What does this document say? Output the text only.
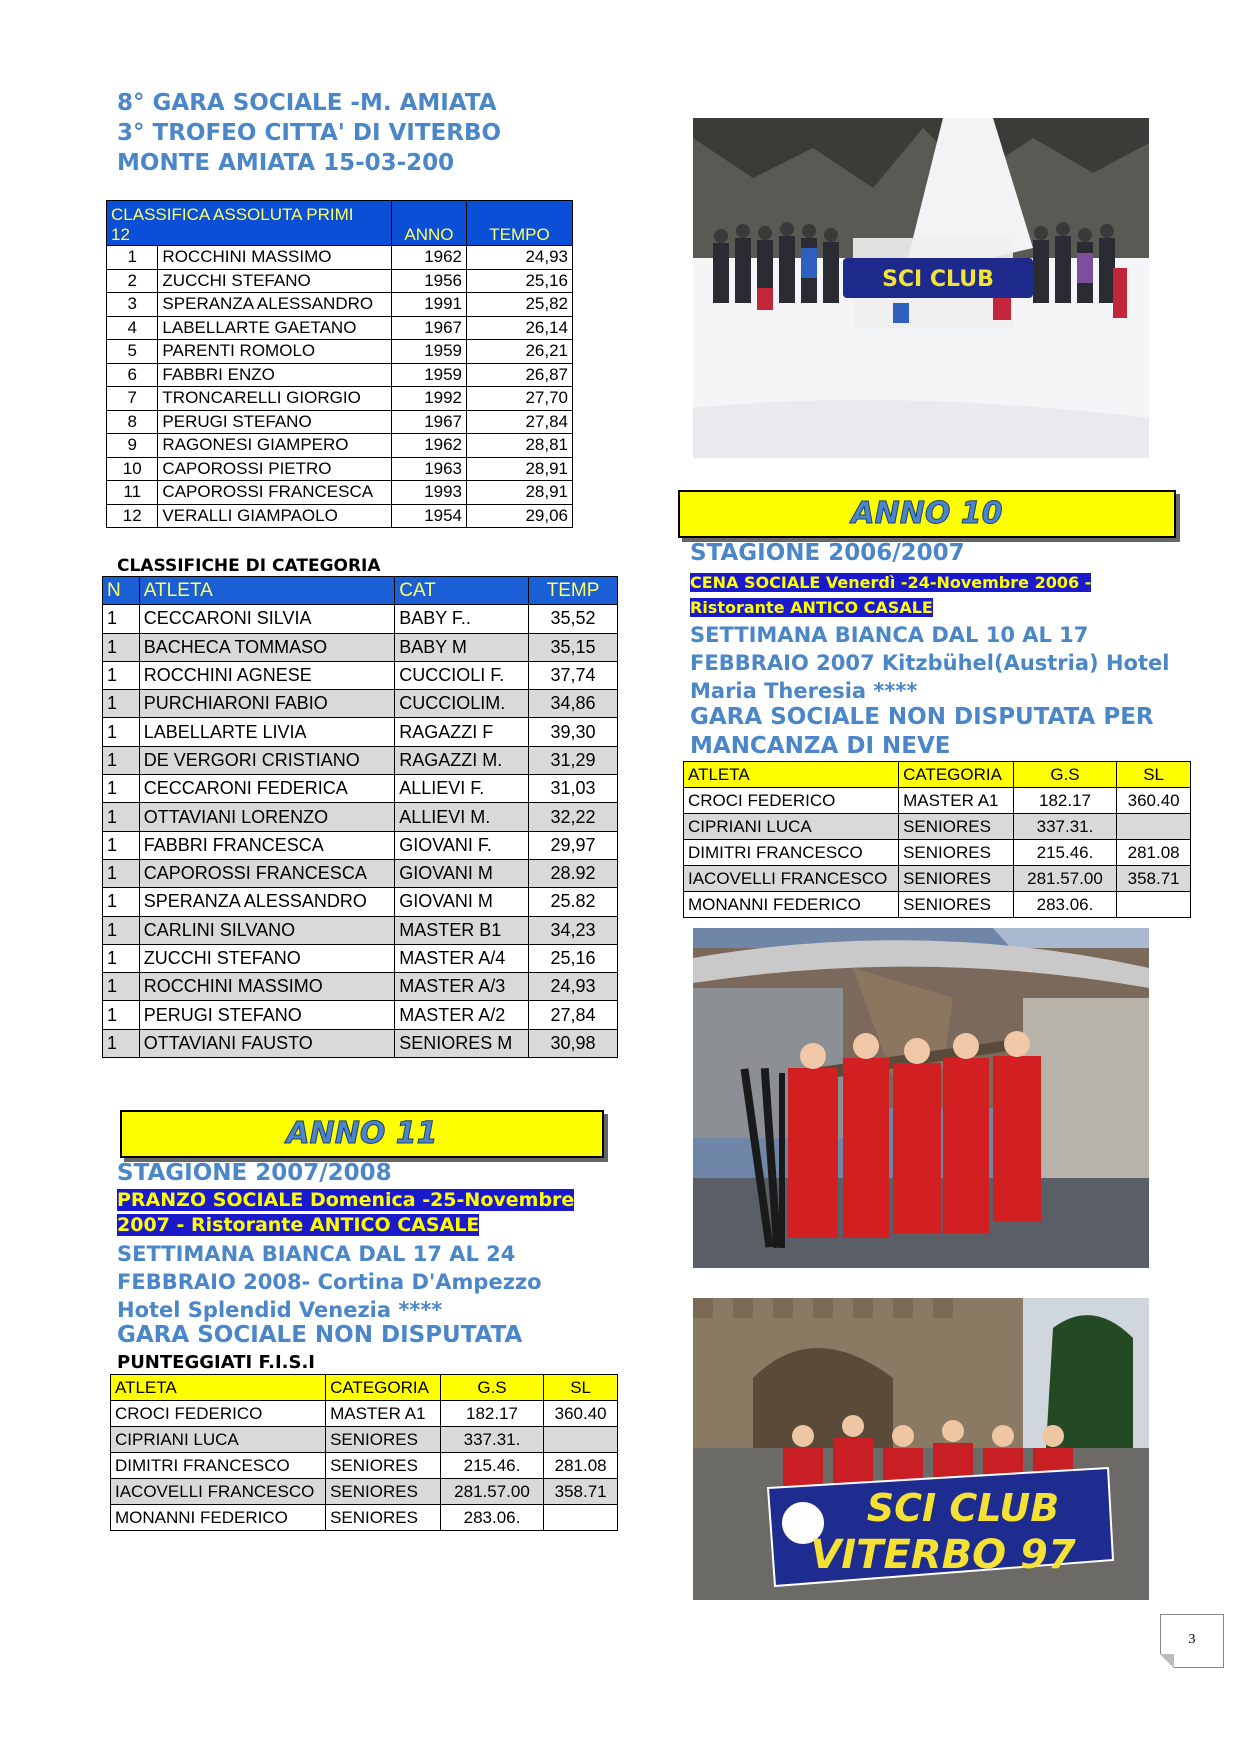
8° GARA SOCIALE -M. AMIATA
3° TROFEO CITTA' DI VITERBO
MONTE AMIATA 15-03-200
CLASSIFICA ASSOLUTA PRIMI
12		ANNO	TEMPO
1	ROCCHINI MASSIMO	1962	24,93
2	ZUCCHI STEFANO	1956	25,16
3	SPERANZA ALESSANDRO	1991	25,82
4	LABELLARTE GAETANO	1967	26,14
5	PARENTI ROMOLO	1959	26,21
6	FABBRI ENZO	1959	26,87
7	TRONCARELLI GIORGIO	1992	27,70
8	PERUGI STEFANO	1967	27,84
9	RAGONESI GIAMPERO	1962	28,81
10	CAPOROSSI PIETRO	1963	28,91
11	CAPOROSSI FRANCESCA	1993	28,91
12	VERALLI GIAMPAOLO	1954	29,06
CLASSIFICHE DI CATEGORIA
N	ATLETA	CAT	TEMP
1	CECCARONI SILVIA	BABY F..	35,52
1	BACHECA TOMMASO	BABY M	35,15
1	ROCCHINI AGNESE	CUCCIOLI F.	37,74
1	PURCHIARONI FABIO	CUCCIOLIM.	34,86
1	LABELLARTE LIVIA	RAGAZZI F	39,30
1	DE VERGORI CRISTIANO	RAGAZZI M.	31,29
1	CECCARONI FEDERICA	ALLIEVI F.	31,03
1	OTTAVIANI LORENZO	ALLIEVI M.	32,22
1	FABBRI FRANCESCA	GIOVANI F.	29,97
1	CAPOROSSI FRANCESCA	GIOVANI M	28.92
1	SPERANZA ALESSANDRO	GIOVANI M	25.82
1	CARLINI SILVANO	MASTER B1	34,23
1	ZUCCHI STEFANO	MASTER A/4	25,16
1	ROCCHINI MASSIMO	MASTER A/3	24,93
1	PERUGI STEFANO	MASTER A/2	27,84
1	OTTAVIANI FAUSTO	SENIORES M	30,98
ANNO 11
STAGIONE 2007/2008
PRANZO SOCIALE Domenica -25-Novembre
2007 - Ristorante ANTICO CASALE
SETTIMANA BIANCA DAL 17 AL 24
FEBBRAIO 2008- Cortina D'Ampezzo
Hotel Splendid Venezia ****
GARA SOCIALE NON DISPUTATA
PUNTEGGIATI F.I.S.I
ATLETA	CATEGORIA	G.S	SL
CROCI FEDERICO	MASTER A1	182.17	360.40
CIPRIANI LUCA	SENIORES	337.31.	
DIMITRI FRANCESCO	SENIORES	215.46.	281.08
IACOVELLI FRANCESCO	SENIORES	281.57.00	358.71
MONANNI FEDERICO	SENIORES	283.06.	
SCI CLUB
ANNO 10
STAGIONE 2006/2007
CENA SOCIALE Venerdì -24-Novembre 2006 -
Ristorante ANTICO CASALE
SETTIMANA BIANCA DAL 10 AL 17
FEBBRAIO 2007 Kitzbühel(Austria) Hotel
Maria Theresia ****
GARA SOCIALE NON DISPUTATA PER
MANCANZA DI NEVE
ATLETA	CATEGORIA	G.S	SL
CROCI FEDERICO	MASTER A1	182.17	360.40
CIPRIANI LUCA	SENIORES	337.31.	
DIMITRI FRANCESCO	SENIORES	215.46.	281.08
IACOVELLI FRANCESCO	SENIORES	281.57.00	358.71
MONANNI FEDERICO	SENIORES	283.06.	
SCI CLUB
VITERBO 97
3
